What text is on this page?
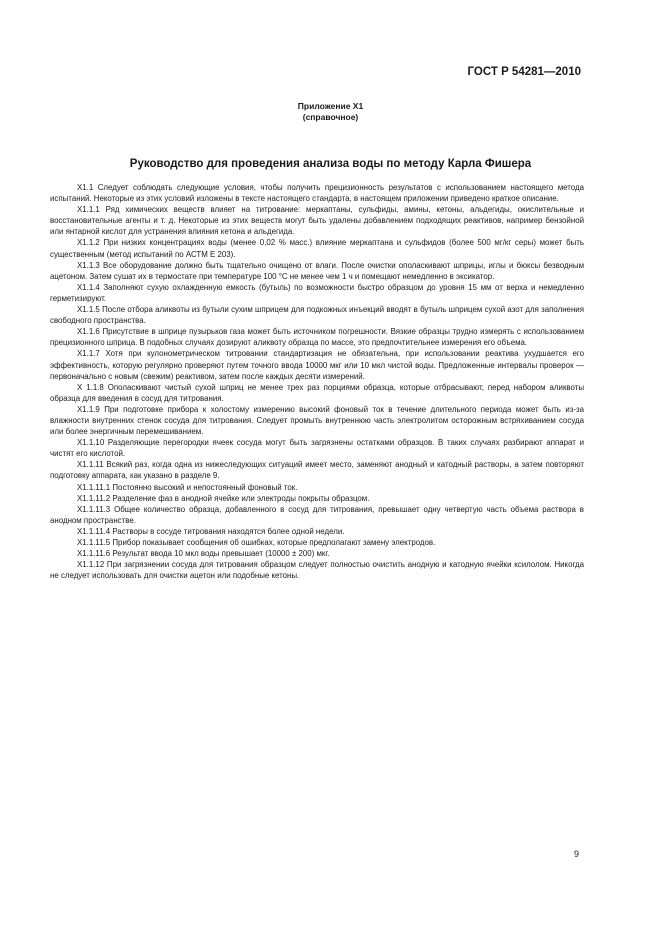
ГОСТ Р 54281—2010
Приложение X1
(справочное)
Руководство для проведения анализа воды по методу Карла Фишера

X1.1 Следует соблюдать следующие условия, чтобы получить прецизионность результатов с использованием настоящего метода испытаний. Некоторые из этих условий изложены в тексте настоящего стандарта, в настоящем приложении приведено краткое описание.

X1.1.1 Ряд химических веществ влияет на титрование: меркаптаны, сульфиды, амины, кетоны, альдегиды, окислительные и восстановительные агенты и т. д. Некоторые из этих веществ могут быть удалены добавлением подходящих реактивов, например бензойной или янтарной кислот для устранения влияния кетона и альдегида.

X1.1.2 При низких концентрациях воды (менее 0,02 % масс.) влияние меркаптана и сульфидов (более 500 мг/кг серы) может быть существенным (метод испытаний по АСТМ Е 203).

X1.1.3 Все оборудование должно быть тщательно очищено от влаги. После очистки ополаскивают шприцы, иглы и бюксы безводным ацетоном. Затем сушат их в термостате при температуре 100 °С не менее чем 1 ч и помещают немедленно в эксикатор.

X1.1.4 Заполняют сухую охлажденную емкость (бутыль) по возможности быстро образцом до уровня 15 мм от верха и немедленно герметизируют.

X1.1.5 После отбора аликвоты из бутыли сухим шприцем для подкожных инъекций вводят в бутыль шприцем сухой азот для заполнения свободного пространства.

X1.1.6 Присутствие в шприце пузырьков газа может быть источником погрешности. Вязкие образцы трудно измерять с использованием прецизионного шприца. В подобных случаях дозируют аликвоту образца по массе, это предпочтительнее измерения его объема.

X1.1.7 Хотя при кулонометрическом титровании стандартизация не обязательна, при использовании реактива ухудшается его эффективность, которую регулярно проверяют путем точного ввода 10000 мкг или 10 мкл чистой воды. Предложенные интервалы проверок — первоначально с новым (свежим) реактивом, затем после каждых десяти измерений.

X 1.1.8 Ополаскивают чистый сухой шприц не менее трех раз порциями образца, которые отбрасывают, перед набором аликвоты образца для введения в сосуд для титрования.

X1.1.9 При подготовке прибора к холостому измерению высокий фоновый ток в течение длительного периода может быть из-за влажности внутренних стенок сосуда для титрования. Следует промыть внутреннюю часть электролитом осторожным встряхиванием сосуда или более энергичным перемешиванием.

X1.1.10 Разделяющие перегородки ячеек сосуда могут быть загрязнены остатками образцов. В таких случаях разбирают аппарат и чистят его кислотой.

X1.1.11 Всякий раз, когда одна из нижеследующих ситуаций имеет место, заменяют анодный и катодный растворы, а затем повторяют подготовку аппарата, как указано в разделе 9.

X1.1.11.1 Постоянно высокий и непостоянный фоновый ток.

X1.1.11.2 Разделение фаз в анодной ячейке или электроды покрыты образцом.

X1.1.11.3 Общее количество образца, добавленного в сосуд для титрования, превышает одну четвертую часть объема раствора в анодном пространстве.

X1.1.11.4 Растворы в сосуде титрования находятся более одной недели.

X1.1.11.5 Прибор показывает сообщения об ошибках, которые предполагают замену электродов.

X1.1.11.6 Результат ввода 10 мкл воды превышает (10000 ± 200) мкг.

X1.1.12 При загрязнении сосуда для титрования образцом следует полностью очистить анодную и катодную ячейки ксилолом. Никогда не следует использовать для очистки ацетон или подобные кетоны.

9
